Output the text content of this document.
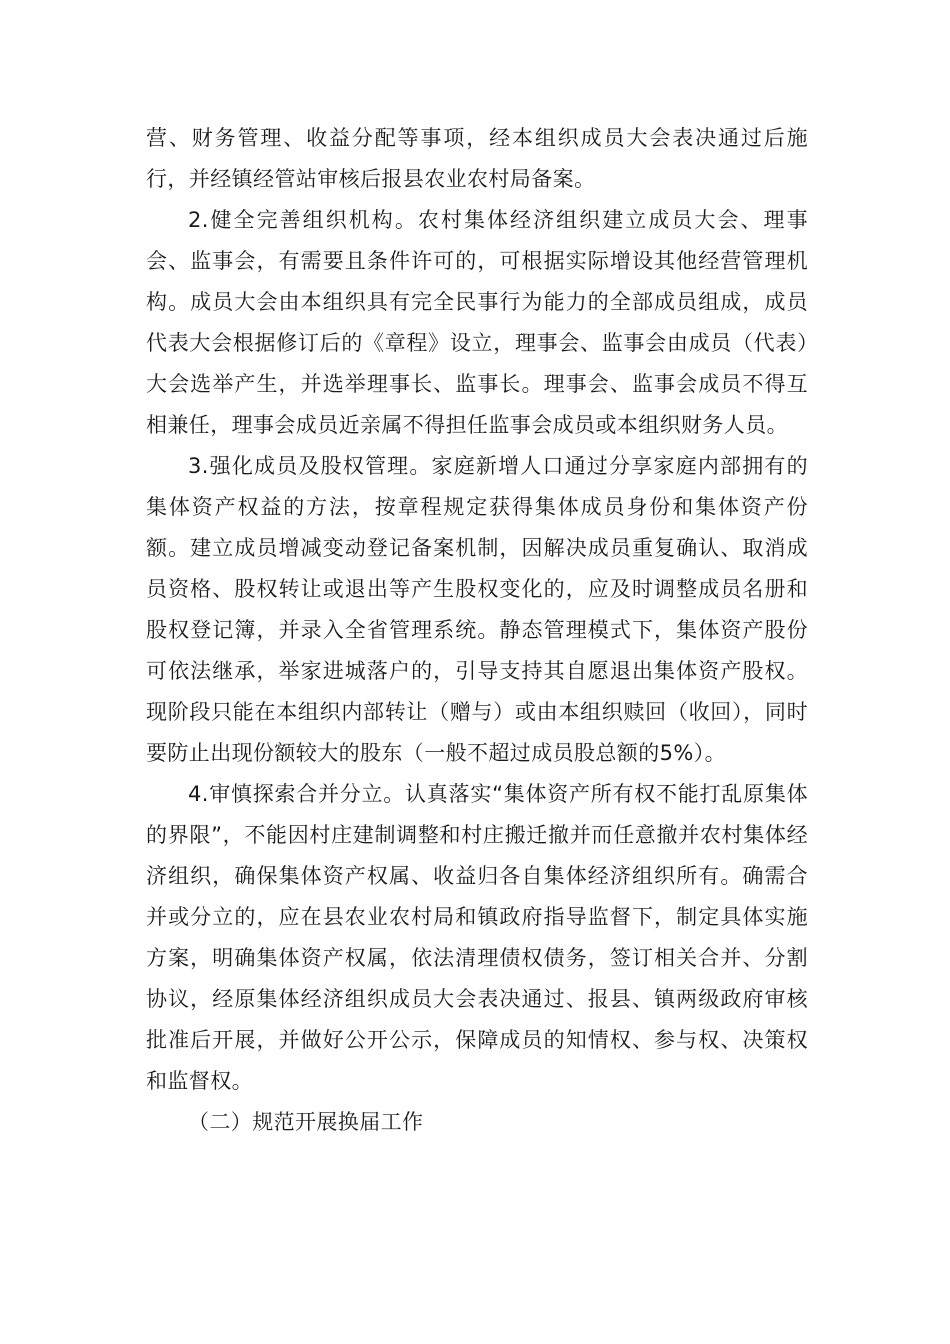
营、财务管理、收益分配等事项，经本组织成员大会表决通过后施行，并经镇经管站审核后报县农业农村局备案。

2.健全完善组织机构。农村集体经济组织建立成员大会、理事会、监事会，有需要且条件许可的，可根据实际增设其他经营管理机构。成员大会由本组织具有完全民事行为能力的全部成员组成，成员代表大会根据修订后的《章程》设立，理事会、监事会由成员（代表）大会选举产生，并选举理事长、监事长。理事会、监事会成员不得互相兼任，理事会成员近亲属不得担任监事会成员或本组织财务人员。

3.强化成员及股权管理。家庭新增人口通过分享家庭内部拥有的集体资产权益的方法，按章程规定获得集体成员身份和集体资产份额。建立成员增减变动登记备案机制，因解决成员重复确认、取消成员资格、股权转让或退出等产生股权变化的，应及时调整成员名册和股权登记簿，并录入全省管理系统。静态管理模式下，集体资产股份可依法继承，举家进城落户的，引导支持其自愿退出集体资产股权。现阶段只能在本组织内部转让（赠与）或由本组织赎回（收回），同时要防止出现份额较大的股东（一般不超过成员股总额的5%）。

4.审慎探索合并分立。认真落实“集体资产所有权不能打乱原集体的界限”，不能因村庄建制调整和村庄搬迁撤并而任意撤并农村集体经济组织，确保集体资产权属、收益归各自集体经济组织所有。确需合并或分立的，应在县农业农村局和镇政府指导监督下，制定具体实施方案，明确集体资产权属，依法清理债权债务，签订相关合并、分割协议，经原集体经济组织成员大会表决通过、报县、镇两级政府审核批准后开展，并做好公开公示，保障成员的知情权、参与权、决策权和监督权。

（二）规范开展换届工作
